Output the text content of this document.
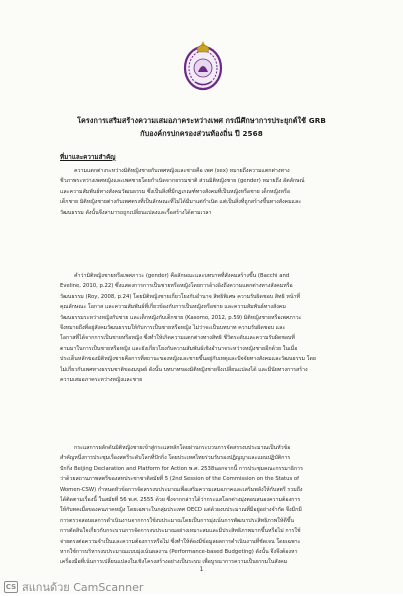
โครงการเสริมสร้างความเสมอภาคระหว่างเพศ กรณีศึกษาการประยุกต์ใช้ GRB
กับองค์กรปกครองส่วนท้องถิ่น ปี 2568
ที่มาและความสำคัญ
ความแตกต่างระหว่างมิติหญิงชายกับเพศหญิงและชายคือ เพศ (sex) หมายถึงความแตกต่างทาง
ชีวภาพระหว่างเพศหญิงและเพศชายโดยกำเนิดจากธรรมชาติ ส่วนมิติหญิงชาย (gender) หมายถึง อัตลักษณ์
และความสัมพันธ์ทางสังคมวัฒนธรรม ซึ่งเป็นสิ่งที่มีกฎเกณฑ์ทางสังคมที่เป็นหญิงหรือชาย เด็กหญิงหรือ
เด็กชาย มิติหญิงชายต่างกับเพศตรงที่เป็นลักษณะที่ไม่ได้มีมาแต่กำเนิด แต่เป็นสิ่งที่ถูกสร้างขึ้นทางสังคมและ
วัฒนธรรม ดังนั้นจึงสามารถถูกเปลี่ยนแปลงและรื้อสร้างได้ตามเวลา
คำว่ามิติหญิงชายหรือเพศภาวะ (gender) คือลักษณะและบทบาทที่สังคมสร้างขึ้น (Bacchi and
Eveline, 2010, p.22) ซึ่งแสดงการการเป็นชายหรือหญิงโดยการอ้างอิงถึงความแตกต่างทางสังคมหรือ
วัฒนธรรม (Roy, 2008, p.24) โดยมิติหญิงชายเกี่ยวโยงกับอำนาจ สิทธิพิเศษ ความรับผิดชอบ สิทธิ หน้าที่
คุณลักษณะ โอกาส และความสัมพันธ์ที่เกี่ยวข้องกับการเป็นหญิงหรือชาย และความสัมพันธ์ทางสังคม
วัฒนธรรมระหว่างหญิงกับชาย และเด็กหญิงกับเด็กชาย (Kasomo, 2012, p.59) มิติหญิงชายหรือเพศภาวะ
จึงหมายถึงที่อยู่สังคมวัฒนธรรมให้กับการเป็นชายหรือหญิง ไม่ว่าจะเป็นบทบาท ความรับผิดชอบ และ
โอกาสที่ได้จากการเป็นชายหรือหญิง ซึ่งทำให้เกิดความแตกต่างทางสิทธิ ชีวิตระดับและความรับผิดชอบที่
ตามมาในการเป็นชายหรือหญิง และยังเกี่ยวโยงกับความสัมพันธ์เชิงอำนาจระหว่างหญิงชายอีกด้วย ในเมื่อ
ประเด็นหลักของมิติหญิงชายคือการที่สถานะของหญิงและชายขึ้นอยู่กับเหตุและปัจจัยทางสังคมและวัฒนธรรม โดย
ไม่เกี่ยวกับเพศทางธรรมชาติของมนุษย์ ดังนั้น บทบาทของมิติหญิงชายจึงเปลี่ยนแปลงได้ และมีนัยทางการสร้าง
ความเสมอภาคระหว่างหญิงและชาย
กระแสการผลักดันมิติหญิงชายเข้าสู่กระแสหลักโดยผ่านกระบวนการจัดสรรงบประมาณเป็นหัวข้อ
สำคัญหนึ่งการประชุมเรื่องสตรีระดับโลกที่ปักกิ่ง โดยประเทศไทยร่วมรับรองปฏิญญาและแผนปฏิบัติการ
ปักกิ่ง Beijing Declaration and Platform for Action พ.ศ. 2538นอกจากนี้ การประชุมคณะกรรมาธิการ
ว่าด้วยสถานภาพสตรีของสหประชาชาติสมัยที่ 5 (2nd Session of the Commission on the Status of
Women-CSW) กำหนดหัวข้อการจัดสรรงบประมาณเพื่อเสริมความเสมอภาคและเสริมพลังให้กับสตรี รวมถึง
ได้ติดตามเรื่องนี้ ในสมัยที่ 56 พ.ศ. 2555 ด้วย ซึ่งจากกล่าวได้ว่ากระแสโลกต่างมุ่งตอบสนองความต้องการ
ให้กับทคเมื่อของคนภาคหญิง โดยเฉพาะในกลุ่มประเทศ OECD แต่ด้วยงบประมาณที่มีอยู่อย่างจำกัด จึงมีกมี
การตรวจสอบผลการดำเนินงานจากการใช้งบประมาณโดยเป็นการมุ่งเน้นการพัฒนาประสิทธิภาพให้ดีขึ้น
การตัดสินใจเกี่ยวกับกระบวนการจัดการงบประมาณอย่างเหมาะสมและมีประสิทธิภาพมากขึ้นหรือไม่ การใช้
จ่ายตรงต่อความจำเป็นและความต้องการหรือไม่ ซึ่งทำให้ต้องมีข้อมูลผลการดำเนินงานที่ชัดเจน โดยเฉพาะ
หากใช้การบริหารงบประมาณแบบมุ่งเน้นผลงาน (Performance-based Budgeting) ดังนั้น จึงจึงต้องหา
เครื่องมือที่เน้นการเปลี่ยนแปลงในเชิงโครงสร้างอย่างเป็นระบบ เพื่อบูรณาการความเป็นธรรมในสังคม
1
CS สแกนด้วย CamScanner
